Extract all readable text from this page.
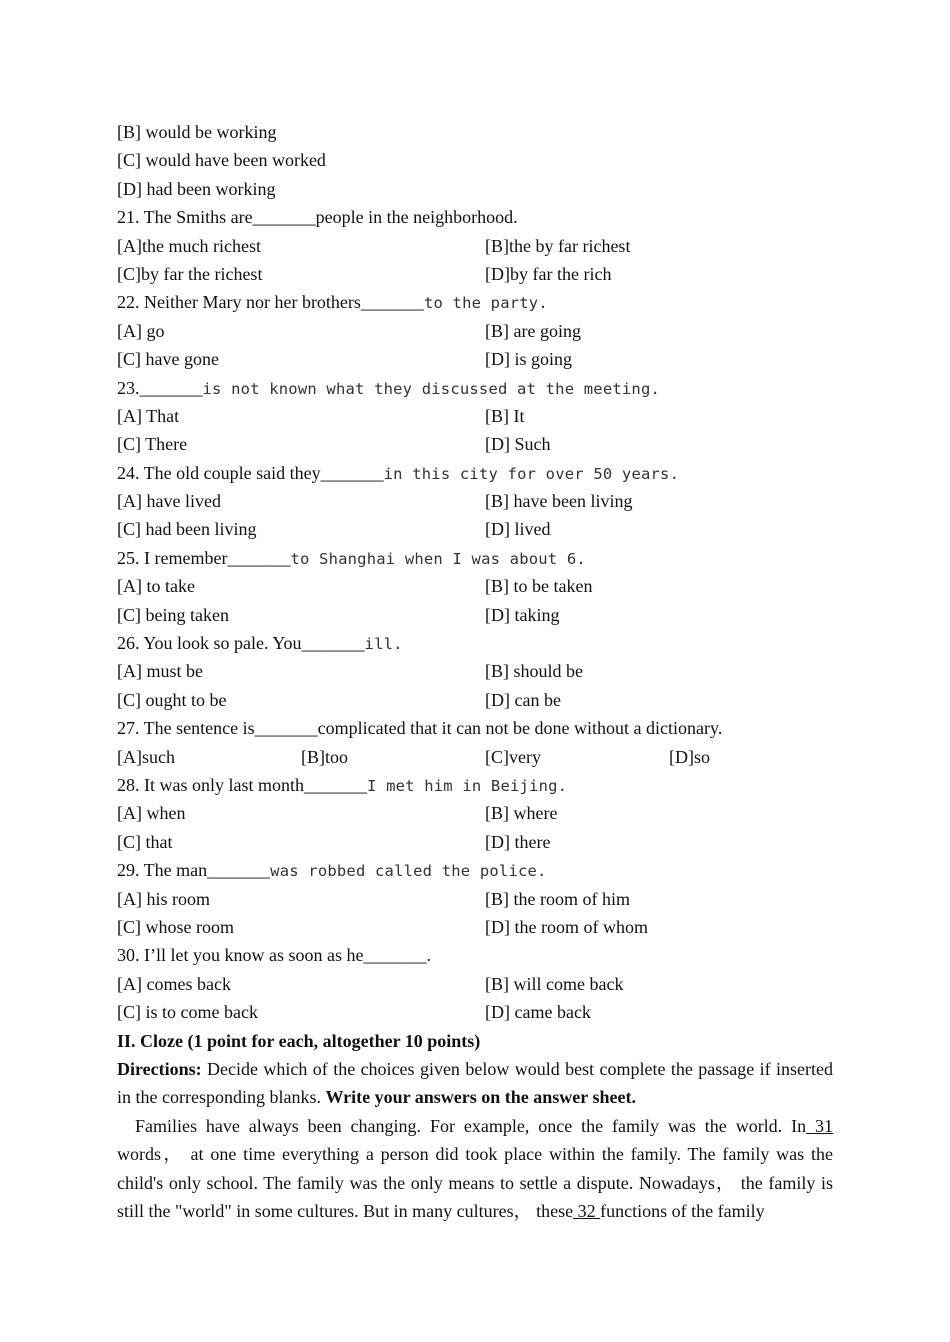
[B] would be working
[C] would have been worked
[D] had been working
21. The Smiths are_______people in the neighborhood.

[A]the much richest

	[B]the by far richest

[C]by far the richest

	[D]by far the rich

22. Neither Mary nor her brothers_______to the party.

[A] go

	[B] are going

[C] have gone

	[D] is going

23._______is not known what they discussed at the meeting.

[A] That

	[B] It

[C] There

	[D] Such

24. The old couple said they_______in this city for over 50 years.

[A] have lived

	[B] have been living

[C] had been living

	[D] lived

25. I remember_______to Shanghai when I was about 6.

[A] to take

	[B] to be taken

[C] being taken

	[D] taking

26. You look so pale. You_______ill.

[A] must be

	[B] should be

[C] ought to be

	[D] can be

27. The sentence is_______complicated that it can not be done without a dictionary.

[A]such

	[B]too

	[C]very

	[D]so

28. It was only last month_______I met him in Beijing.

[A] when

	[B] where

[C] that

	[D] there

29. The man_______was robbed called the police.

[A] his room

	[B] the room of him

[C] whose room

	[D] the room of whom

30. I’ll let you know as soon as he_______.

[A] comes back

	[B] will come back

[C] is to come back

	[D] came back

II. Cloze (1 point for each, altogether 10 points)
Directions: Decide which of the choices given below would best complete the passage if inserted in the corresponding blanks. Write your answers on the answer sheet.
Families have always been changing. For example, once the family was the world. In 31 words， at one time everything a person did took place within the family. The family was the child's only school. The family was the only means to settle a dispute. Nowadays， the family is still the "world" in some cultures. But in many cultures， these 32 functions of the family
